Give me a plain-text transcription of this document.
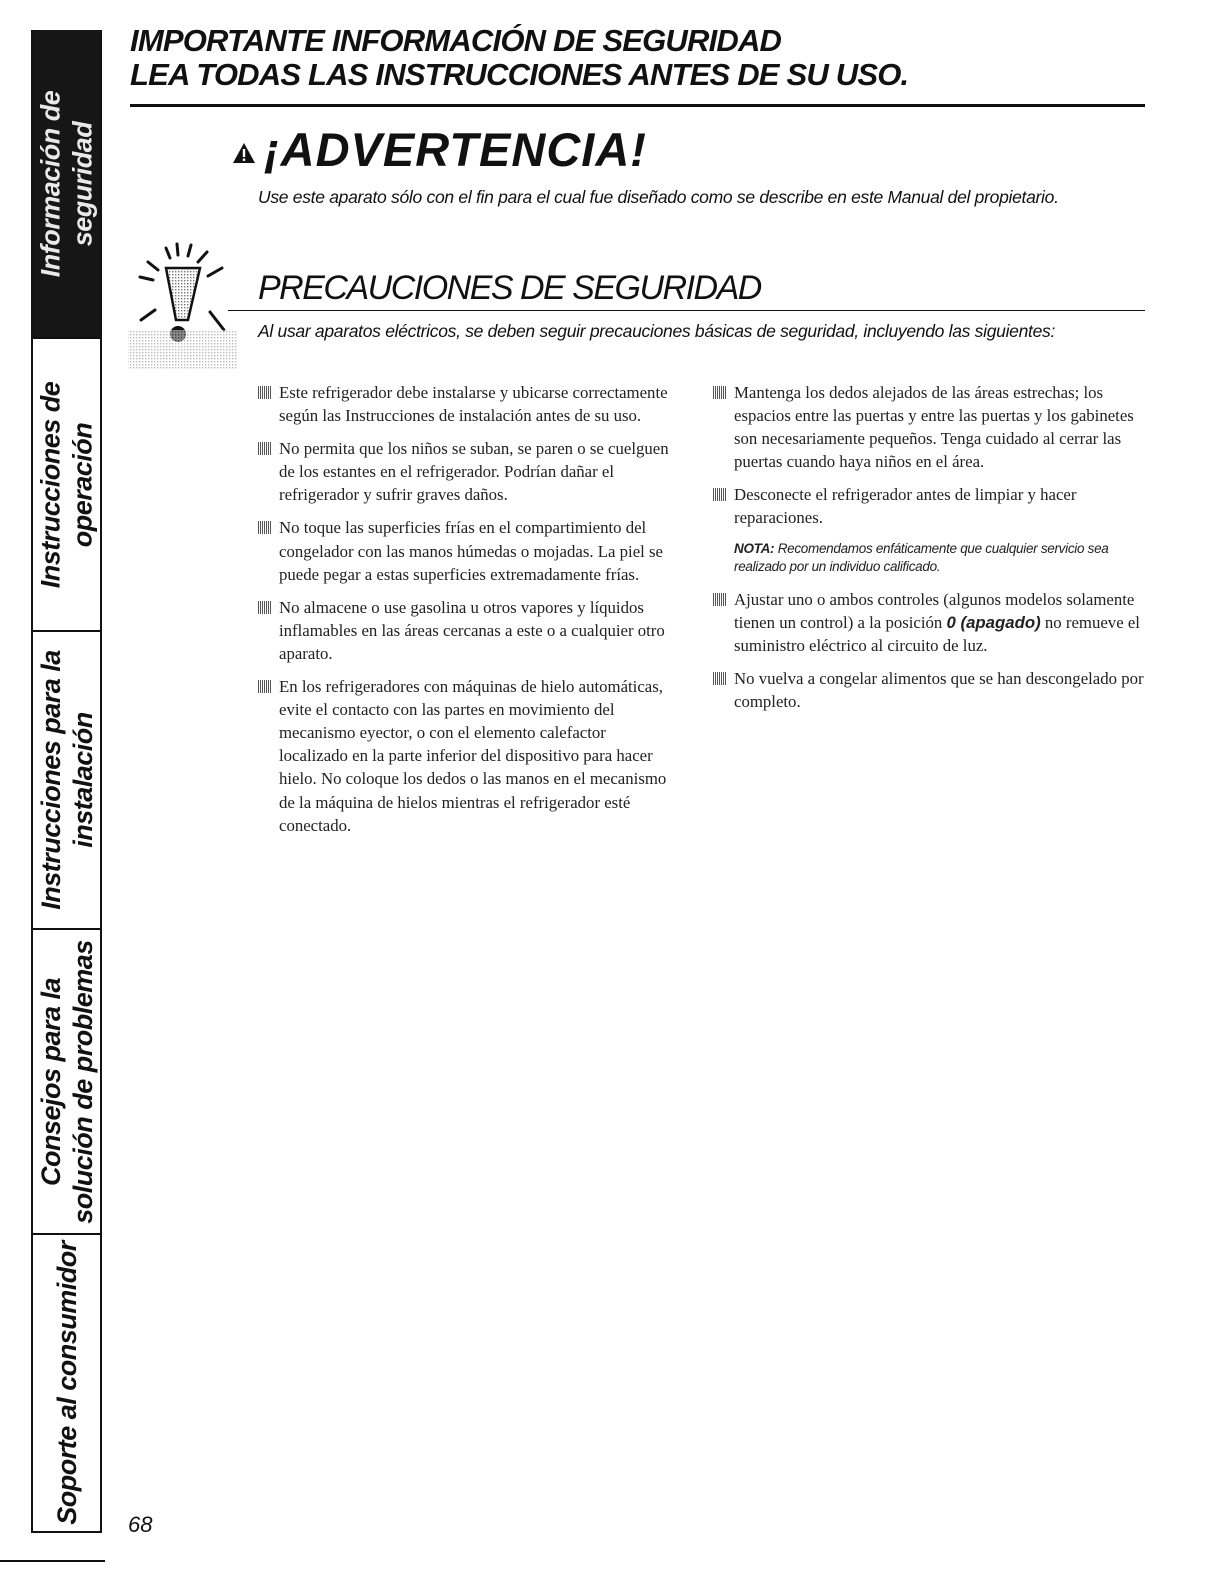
Información de seguridad
Instrucciones de operación
Instrucciones para la instalación
Consejos para la solución de problemas
Soporte al consumidor
IMPORTANTE INFORMACIÓN DE SEGURIDAD
LEA TODAS LAS INSTRUCCIONES ANTES DE SU USO.
¡ADVERTENCIA!
Use este aparato sólo con el fin para el cual fue diseñado como se describe en este Manual del propietario.
PRECAUCIONES DE SEGURIDAD
Al usar aparatos eléctricos, se deben seguir precauciones básicas de seguridad, incluyendo las siguientes:
Este refrigerador debe instalarse y ubicarse correctamente según las Instrucciones de instalación antes de su uso.
No permita que los niños se suban, se paren o se cuelguen de los estantes en el refrigerador. Podrían dañar el refrigerador y sufrir graves daños.
No toque las superficies frías en el compartimiento del congelador con las manos húmedas o mojadas. La piel se puede pegar a estas superficies extremadamente frías.
No almacene o use gasolina u otros vapores y líquidos inflamables en las áreas cercanas a este o a cualquier otro aparato.
En los refrigeradores con máquinas de hielo automáticas, evite el contacto con las partes en movimiento del mecanismo eyector, o con el elemento calefactor localizado en la parte inferior del dispositivo para hacer hielo. No coloque los dedos o las manos en el mecanismo de la máquina de hielos mientras el refrigerador esté conectado.
Mantenga los dedos alejados de las áreas estrechas; los espacios entre las puertas y entre las puertas y los gabinetes son necesariamente pequeños. Tenga cuidado al cerrar las puertas cuando haya niños en el área.
Desconecte el refrigerador antes de limpiar y hacer reparaciones.
NOTA: Recomendamos enfáticamente que cualquier servicio sea realizado por un individuo calificado.
Ajustar uno o ambos controles (algunos modelos solamente tienen un control) a la posición 0 (apagado) no remueve el suministro eléctrico al circuito de luz.
No vuelva a congelar alimentos que se han descongelado por completo.
68
